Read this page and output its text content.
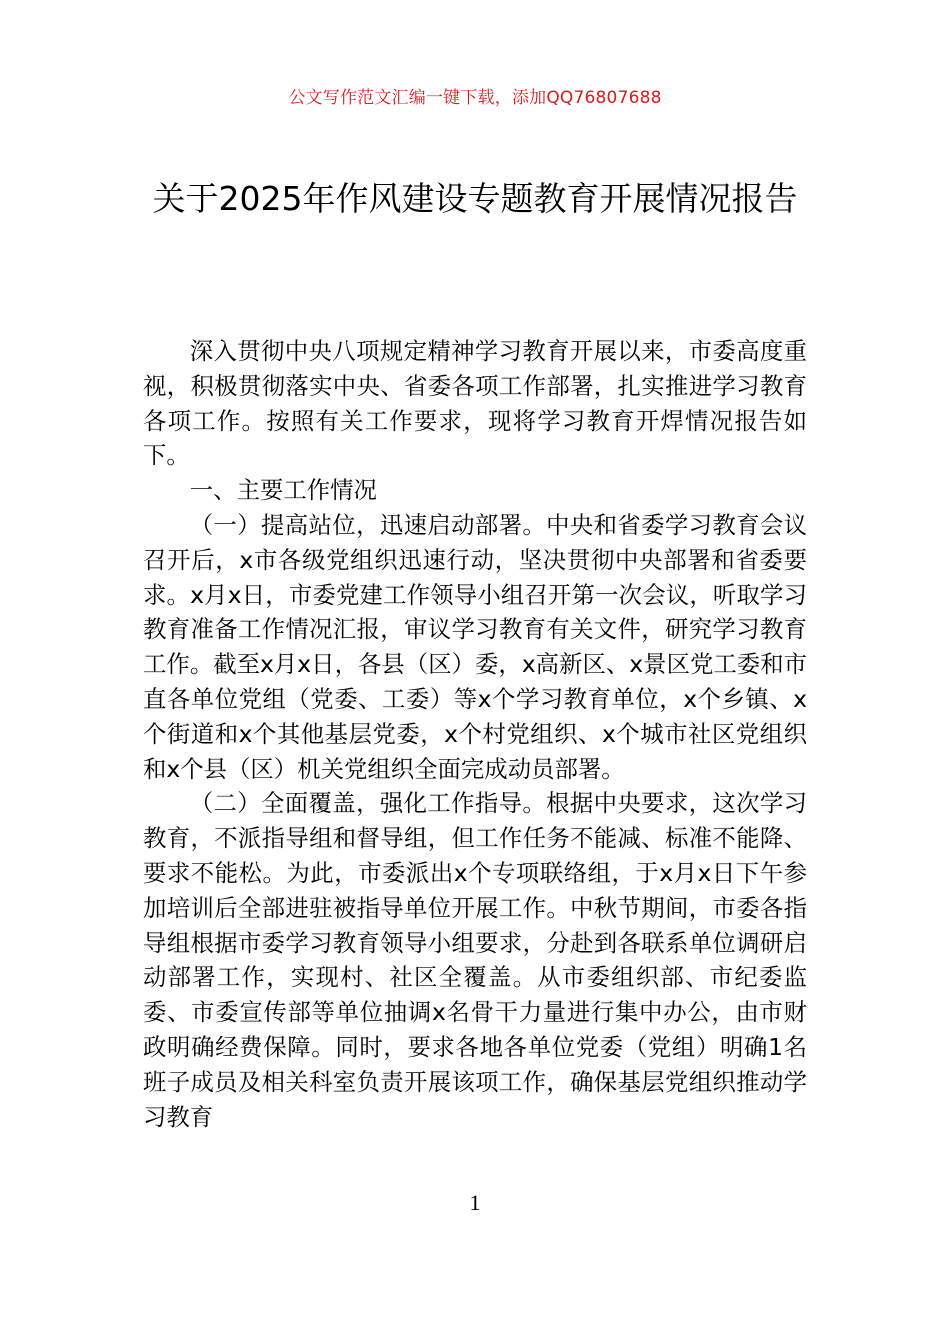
公文写作范文汇编一键下载，添加QQ76807688
关于2025年作风建设专题教育开展情况报告

深入贯彻中央八项规定精神学习教育开展以来，市委高度重视，积极贯彻落实中央、省委各项工作部署，扎实推进学习教育各项工作。按照有关工作要求，现将学习教育开焊情况报告如下。

一、主要工作情况

（一）提高站位，迅速启动部署。中央和省委学习教育会议召开后，x市各级党组织迅速行动，坚决贯彻中央部署和省委要求。x月x日，市委党建工作领导小组召开第一次会议，听取学习教育准备工作情况汇报，审议学习教育有关文件，研究学习教育工作。截至x月x日，各县（区）委，x高新区、x景区党工委和市直各单位党组（党委、工委）等x个学习教育单位，x个乡镇、x个街道和x个其他基层党委，x个村党组织、x个城市社区党组织和x个县（区）机关党组织全面完成动员部署。

（二）全面覆盖，强化工作指导。根据中央要求，这次学习教育，不派指导组和督导组，但工作任务不能减、标准不能降、要求不能松。为此，市委派出x个专项联络组，于x月x日下午参加培训后全部进驻被指导单位开展工作。中秋节期间，市委各指导组根据市委学习教育领导小组要求，分赴到各联系单位调研启动部署工作，实现村、社区全覆盖。从市委组织部、市纪委监委、市委宣传部等单位抽调x名骨干力量进行集中办公，由市财政明确经费保障。同时，要求各地各单位党委（党组）明确1名班子成员及相关科室负责开展该项工作，确保基层党组织推动学习教育

1
